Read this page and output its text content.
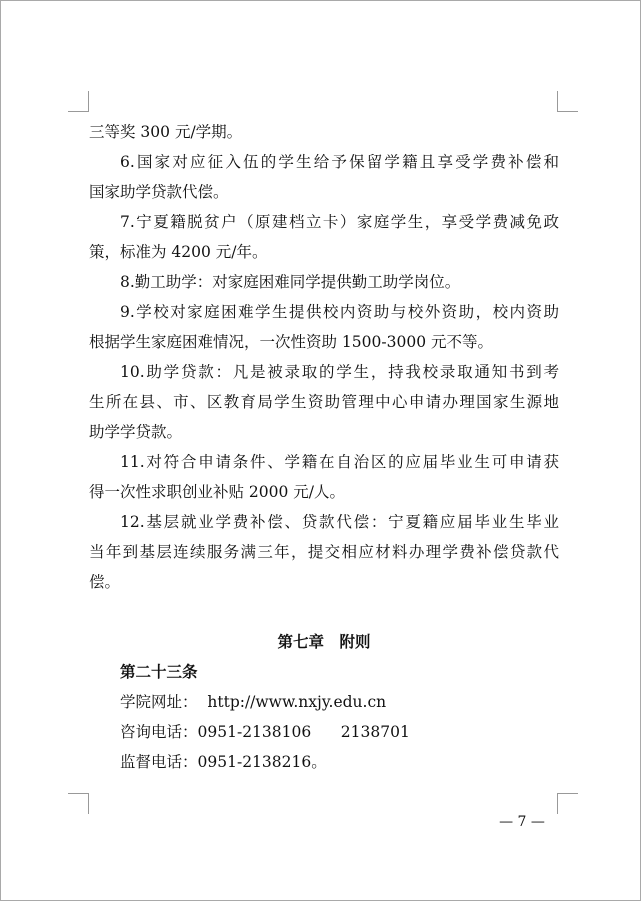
三等奖 300 元/学期。
6.国家对应征入伍的学生给予保留学籍且享受学费补偿和
国家助学贷款代偿。
7.宁夏籍脱贫户（原建档立卡）家庭学生，享受学费减免政
策，标准为 4200 元/年。
8.勤工助学：对家庭困难同学提供勤工助学岗位。
9.学校对家庭困难学生提供校内资助与校外资助，校内资助
根据学生家庭困难情况，一次性资助 1500-3000 元不等。
10.助学贷款：凡是被录取的学生，持我校录取通知书到考
生所在县、市、区教育局学生资助管理中心申请办理国家生源地
助学学贷款。
11.对符合申请条件、学籍在自治区的应届毕业生可申请获
得一次性求职创业补贴 2000 元/人。
12.基层就业学费补偿、贷款代偿：宁夏籍应届毕业生毕业
当年到基层连续服务满三年，提交相应材料办理学费补偿贷款代
偿。
第七章　附则
第二十三条
学院网址： http://www.nxjy.edu.cn
咨询电话：0951-2138106      2138701
监督电话：0951-2138216。
— 7 —
